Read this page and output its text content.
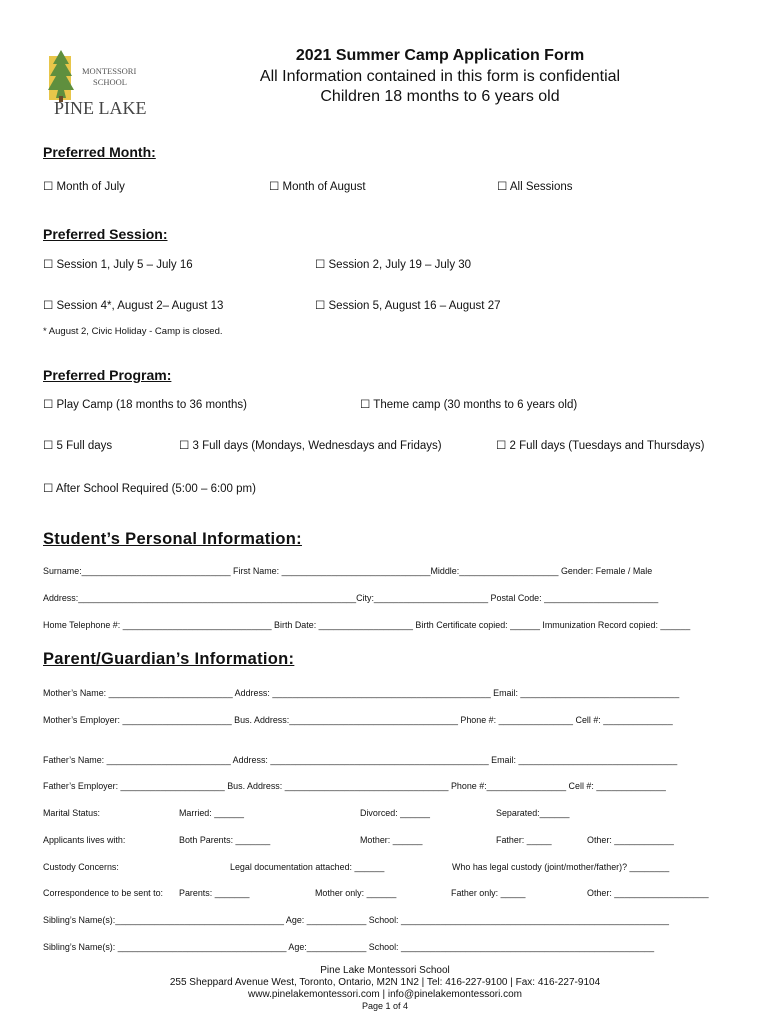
MONTESSORI
SCHOOL
PINE LAKE
2021 Summer Camp Application Form
All Information contained in this form is confidential
Children 18 months to 6 years old
Preferred Month:
☐ Month of July	☐ Month of August	☐ All Sessions
Preferred Session:
☐ Session 1, July 5 – July 16	☐ Session 2, July 19 – July 30
☐ Session 4*, August 2– August 13	☐ Session 5, August 16 – August 27
* August 2, Civic Holiday - Camp is closed.
Preferred Program:
☐ Play Camp (18 months to 36 months)	☐ Theme camp (30 months to 6 years old)
☐ 5 Full days	☐ 3 Full days (Mondays, Wednesdays and Fridays)	☐ 2 Full days (Tuesdays and Thursdays)
☐ After School Required (5:00 – 6:00 pm)
Student’s Personal Information:
Surname:______________________________ First Name: ______________________________Middle:____________________ Gender: Female / Male
Address:________________________________________________________City:_______________________ Postal Code: _______________________
Home Telephone #: ______________________________ Birth Date: ___________________ Birth Certificate copied: ______ Immunization Record copied: ______
Parent/Guardian’s Information:
Mother’s Name: _________________________ Address: ____________________________________________ Email: ________________________________
Mother’s Employer: ______________________ Bus. Address:__________________________________ Phone #: _______________ Cell #: ______________
Father’s Name: _________________________ Address: ____________________________________________ Email: ________________________________
Father’s Employer: _____________________ Bus. Address: _________________________________ Phone #:________________ Cell #: ______________
Marital Status:	Married: ______	Divorced: ______	Separated:______
Applicants lives with:	Both Parents: _______	Mother: ______	Father: _____	Other: ____________
Custody Concerns:	Legal documentation attached: ______	Who has legal custody (joint/mother/father)? ________
Correspondence to be sent to: Parents: _______	Mother only: ______	Father only: _____	Other: ___________________
Sibling’s Name(s):__________________________________ Age: ____________ School: ______________________________________________________
Sibling’s Name(s): __________________________________ Age:____________ School: ___________________________________________________
Pine Lake Montessori School
255 Sheppard Avenue West, Toronto, Ontario, M2N 1N2 | Tel: 416-227-9100 | Fax: 416-227-9104
www.pinelakemontessori.com | info@pinelakemontessori.com
Page 1 of 4
